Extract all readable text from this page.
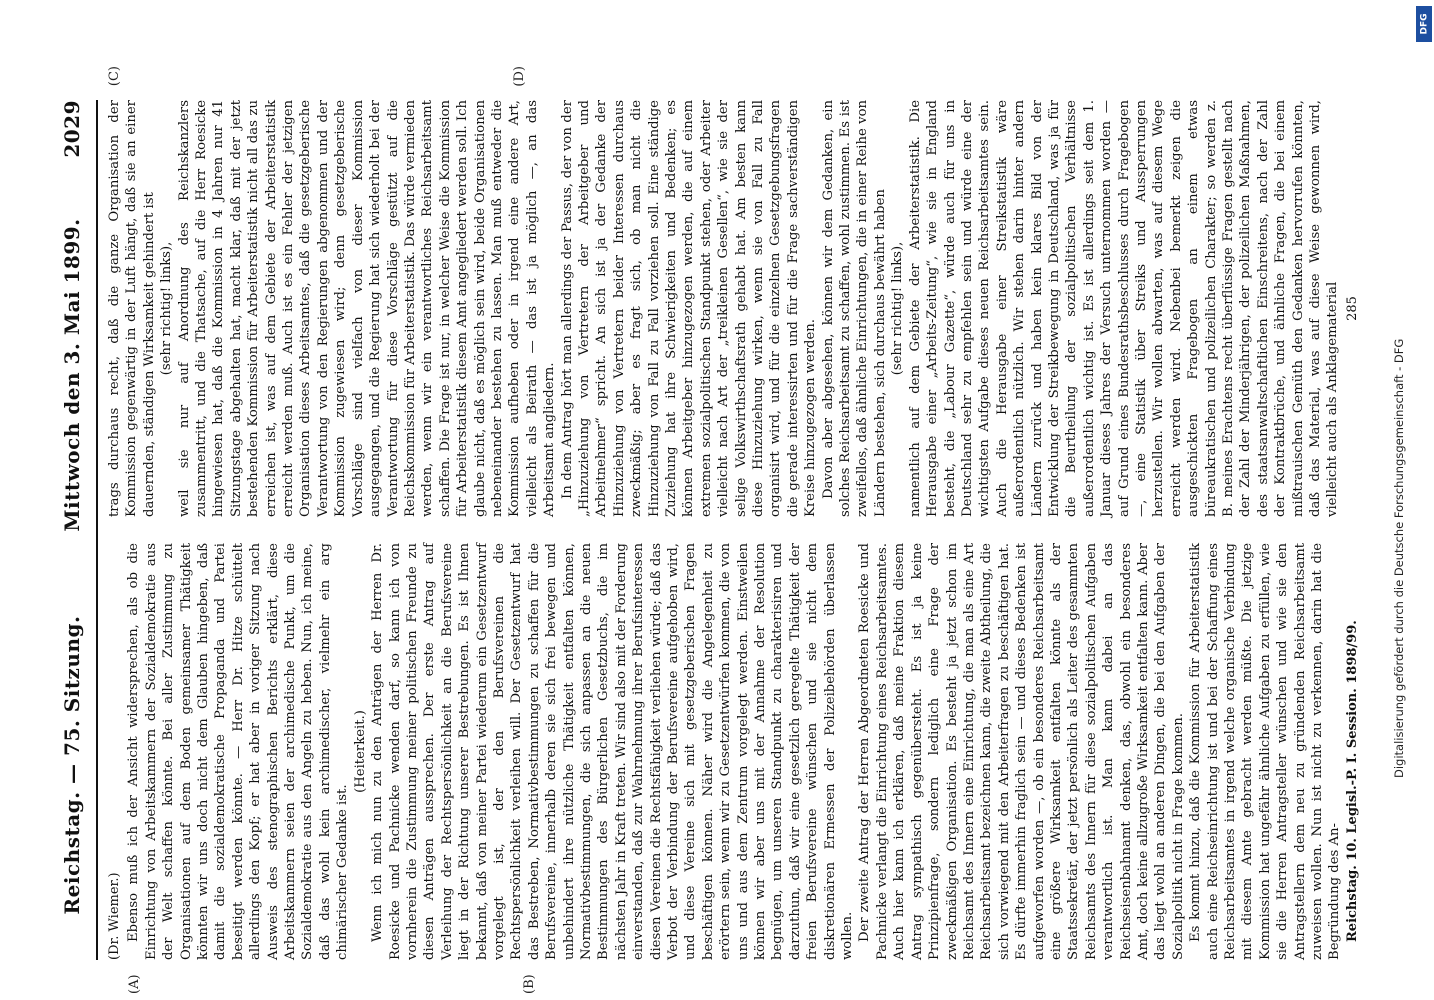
Reichstag. — 75. Sitzung.
Mittwoch den 3. Mai 1899.
2029
(A)	(B)
(Dr. Wiemer.) Ebenso muß ich der Ansicht widersprechen, als ob die Einrichtung von Arbeitskammern der Sozialdemokratie aus der Welt schaffen könnte. Bei aller Zustimmung zu Organisationen auf dem Boden gemeinsamer Thätigkeit könnten wir uns doch nicht dem Glauben hingeben, daß damit die sozialdemokratische Propaganda und Partei beseitigt werden könnte. — Herr Dr. Hitze schüttelt allerdings den Kopf; er hat aber in voriger Sitzung nach Ausweis des stenographischen Berichts erklärt, diese Arbeitskammern seien der archimedische Punkt, um die Sozialdemokratie aus den Angeln zu heben. Nun, ich meine, daß das wohl kein archimedischer, vielmehr ein arg chimärischer Gedanke ist.

(Heiterkeit.) Wenn ich mich nun zu den Anträgen der Herren Dr. Roesicke und Pachnicke wenden darf, so kann ich von vornherein die Zustimmung meiner politischen Freunde zu diesen Anträgen aussprechen. Der erste Antrag auf Verleihung der Rechtspersönlichkeit an die Berufsvereine liegt in der Richtung unserer Bestrebungen. Es ist Ihnen bekannt, daß von meiner Partei wiederum ein Gesetzentwurf vorgelegt ist, der den Berufsvereinen die Rechtspersönlichkeit verleihen will. Der Gesetzentwurf hat das Bestreben, Normativbestimmungen zu schaffen für die Berufsvereine, innerhalb deren sie sich frei bewegen und unbehindert ihre nützliche Thätigkeit entfalten können, Normativbestimmungen, die sich anpassen an die neuen Bestimmungen des Bürgerlichen Gesetzbuchs, die im nächsten Jahr in Kraft treten. Wir sind also mit der Forderung einverstanden, daß zur Wahrnehmung ihrer Berufsinteressen diesen Vereinen die Rechtsfähigkeit verliehen würde; daß das Verbot der Verbindung der Berufsvereine aufgehoben wird, und diese Vereine sich mit gesetzgeberischen Fragen beschäftigen können. Näher wird die Angelegenheit zu erörtern sein, wenn wir zu Gesetzentwürfen kommen, die von uns und aus dem Zentrum vorgelegt werden. Einstweilen können wir aber uns mit der Annahme der Resolution begnügen, um unseren Standpunkt zu charakterisiren und darzuthun, daß wir eine gesetzlich geregelte Thätigkeit der freien Berufsvereine wünschen und sie nicht dem diskretionären Ermessen der Polizeibehörden überlassen wollen. Der zweite Antrag der Herren Abgeordneten Roesicke und Pachnicke verlangt die Einrichtung eines Reichsarbeitsamtes. Auch hier kann ich erklären, daß meine Fraktion diesem Antrag sympathisch gegenübersteht. Es ist ja keine Prinzipienfrage, sondern lediglich eine Frage der zweckmäßigen Organisation. Es besteht ja jetzt schon im Reichsamt des Innern eine Einrichtung, die man als eine Art Reichsarbeitsamt bezeichnen kann, die zweite Abtheilung, die sich vorwiegend mit den Arbeiterfragen zu beschäftigen hat. Es dürfte immerhin fraglich sein — und dieses Bedenken ist aufgeworfen worden —, ob ein besonderes Reichsarbeitsamt eine größere Wirksamkeit entfalten könnte als der Staatssekretär, der jetzt persönlich als Leiter des gesammten Reichsamts des Innern für diese sozialpolitischen Aufgaben verantwortlich ist. Man kann dabei an das Reichseisenbahnamt denken, das, obwohl ein besonderes Amt, doch keine allzugroße Wirksamkeit entfalten kann. Aber das liegt wohl an anderen Dingen, die bei den Aufgaben der Sozialpolitik nicht in Frage kommen. Es kommt hinzu, daß die Kommission für Arbeiterstatistik auch eine Reichseinrichtung ist und bei der Schaffung eines Reichsarbeitsamtes in irgend welche organische Verbindung mit diesem Amte gebracht werden müßte. Die jetzige Kommission hat ungefähr ähnliche Aufgaben zu erfüllen, wie sie die Herren Antragsteller wünschen und wie sie den Antragstellern dem neu zu gründenden Reichsarbeitsamt zuweisen wollen. Nun ist nicht zu verkennen, darin hat die Begründung des An- Reichstag. 10. Legisl.-P. I. Session. 1898/99.

(C)	(D)

trags durchaus recht, daß die ganze Organisation der Kommission gegenwärtig in der Luft hängt, daß sie an einer dauernden, ständigen Wirksamkeit gehindert ist (sehr richtig! links), weil sie nur auf Anordnung des Reichskanzlers zusammentritt, und die Thatsache, auf die Herr Roesicke hingewiesen hat, daß die Kommission in 4 Jahren nur 41 Sitzungstage abgehalten hat, macht klar, daß mit der jetzt bestehenden Kommission für Arbeiterstatistik nicht all das zu erreichen ist, was auf dem Gebiete der Arbeiterstatistik erreicht werden muß. Auch ist es ein Fehler der jetzigen Organisation dieses Arbeitsamtes, daß die gesetzgeberische Verantwortung von den Regierungen abgenommen und der Kommission zugewiesen wird; denn gesetzgeberische Vorschläge sind vielfach von dieser Kommission ausgegangen, und die Regierung hat sich wiederholt bei der Verantwortung für diese Vorschläge gestützt auf die Reichskommission für Arbeiterstatistik. Das würde vermieden werden, wenn wir ein verantwortliches Reichsarbeitsamt schaffen. Die Frage ist nur, in welcher Weise die Kommission für Arbeiterstatistik diesem Amt angegliedert werden soll. Ich glaube nicht, daß es möglich sein wird, beide Organisationen nebeneinander bestehen zu lassen. Man muß entweder die Kommission aufheben oder in irgend eine andere Art, vielleicht als Beirath — das ist ja möglich —, an das Arbeitsamt angliedern. In dem Antrag hört man allerdings der Passus, der von der „Hinzuziehung von Vertretern der Arbeitgeber und Arbeitnehmer“ spricht. An sich ist ja der Gedanke der Hinzuziehung von Vertretern beider Interessen durchaus zweckmäßig; aber es fragt sich, ob man nicht die Hinzuziehung von Fall zu Fall vorziehen soll. Eine ständige Zuziehung hat ihre Schwierigkeiten und Bedenken; es können Arbeitgeber hinzugezogen werden, die auf einem extremen sozialpolitischen Standpunkt stehen, oder Arbeiter vielleicht nach Art der „treikleinen Gesellen“, wie sie der selige Volkswirthschaftsrath gehabt hat. Am besten kann diese Hinzuziehung wirken, wenn sie von Fall zu Fall organisirt wird, und für die einzelnen Gesetzgebungsfragen die gerade interessirten und für die Frage sachverständigen Kreise hinzugezogen werden. Davon aber abgesehen, können wir dem Gedanken, ein solches Reichsarbeitsamt zu schaffen, wohl zustimmen. Es ist zweifellos, daß ähnliche Einrichtungen, die in einer Reihe von Ländern bestehen, sich durchaus bewährt haben (sehr richtig! links), namentlich auf dem Gebiete der Arbeiterstatistik. Die Herausgabe einer „Arbeits-Zeitung“, wie sie in England besteht, die „Labour Gazette“, würde auch für uns in Deutschland sehr zu empfehlen sein und würde eine der wichtigsten Aufgabe dieses neuen Reichsarbeitsamtes sein. Auch die Herausgabe einer Streikstatistik wäre außerordentlich nützlich. Wir stehen darin hinter andern Ländern zurück und haben kein klares Bild von der Entwicklung der Streikbewegung in Deutschland, was ja für die Beurtheilung der sozialpolitischen Verhältnisse außerordentlich wichtig ist. Es ist allerdings seit dem 1. Januar dieses Jahres der Versuch unternommen worden — auf Grund eines Bundesrathsbeschlusses durch Fragebogen —, eine Statistik über Streiks und Aussperrungen herzustellen. Wir wollen abwarten, was auf diesem Wege erreicht werden wird. Nebenbei bemerkt zeigen die ausgeschickten Fragebogen an einem etwas büreaukratischen und polizeilichen Charakter; so werden z. B. meines Erachtens recht überflüssige Fragen gestellt nach der Zahl der Minderjährigen, der polizeilichen Maßnahmen, des staatsanwaltschaftlichen Einschreitens, nach der Zahl der Kontraktbrüche, und ähnliche Fragen, die bei einem mißtrauischen Gemüth den Gedanken hervorrufen könnten, daß das Material, was auf diese Weise gewonnen wird, vielleicht auch als Anklagematerial 285
Digitalisierung gefördert durch die Deutsche Forschungsgemeinschaft - DFG
DFG
